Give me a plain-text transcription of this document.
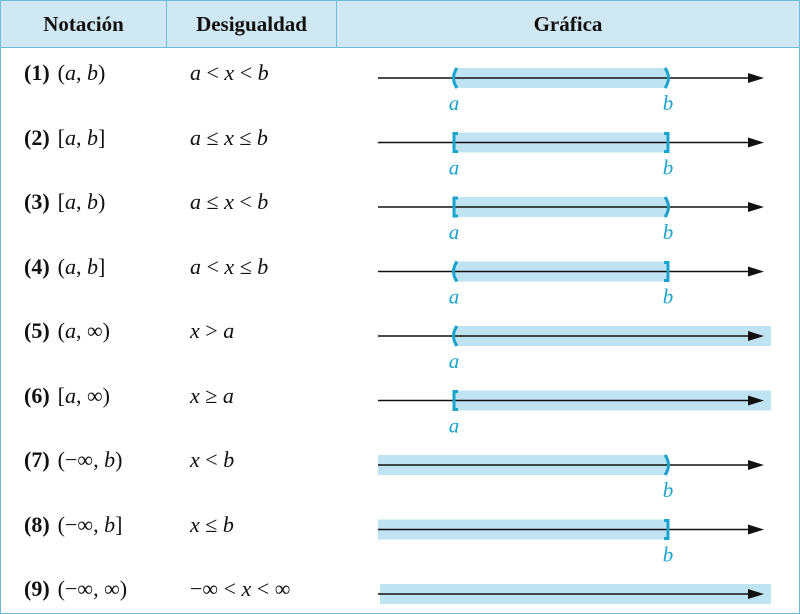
Notación	Desigualdad	Gráfica
(1) (a, b)	a < x < b
a	b
(2) [a, b]	a ≤ x ≤ b
a	b
(3) [a, b)	a ≤ x < b
a	b
(4) (a, b]	a < x ≤ b
a	b
(5) (a, ∞)	x > a
a
(6) [a, ∞)	x ≥ a
a
(7) (−∞, b)	x < b
b
(8) (−∞, b]	x ≤ b
b
(9) (−∞, ∞)	−∞ < x < ∞
